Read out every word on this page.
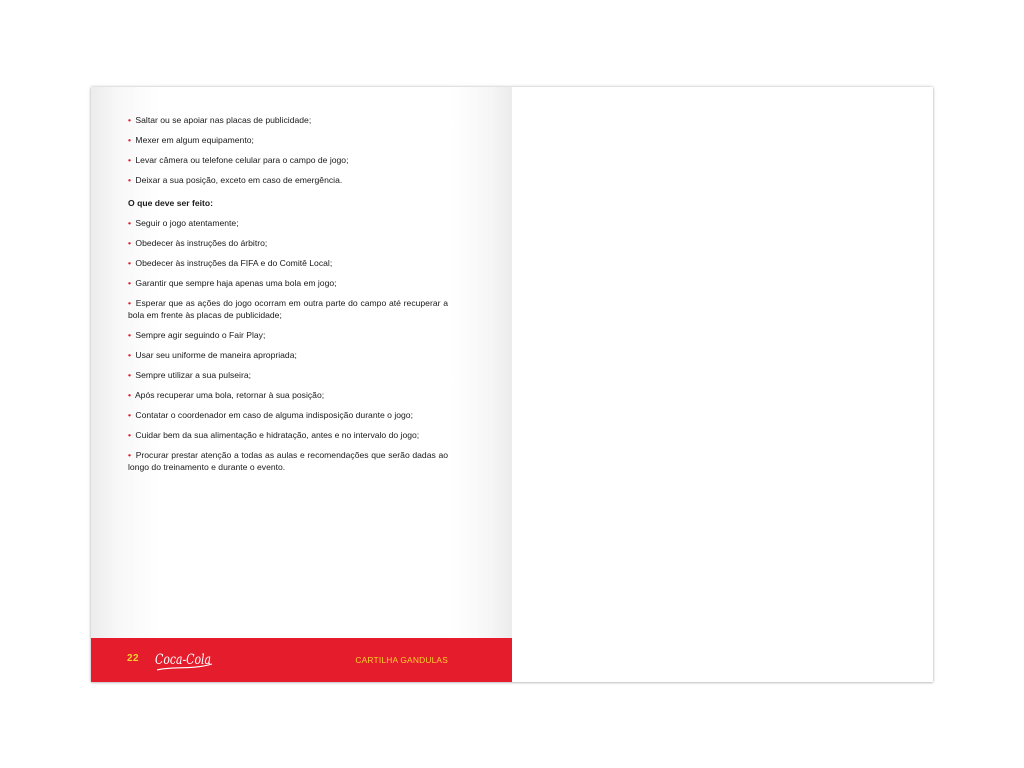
• Saltar ou se apoiar nas placas de publicidade;
• Mexer em algum equipamento;
• Levar câmera ou telefone celular para o campo de jogo;
• Deixar a sua posição, exceto em caso de emergência.
O que deve ser feito:
• Seguir o jogo atentamente;
• Obedecer às instruções do árbitro;
• Obedecer às instruções da FIFA e do Comitê Local;
• Garantir que sempre haja apenas uma bola em jogo;
• Esperar que as ações do jogo ocorram em outra parte do campo até recuperar a bola em frente às placas de publicidade;
• Sempre agir seguindo o Fair Play;
• Usar seu uniforme de maneira apropriada;
• Sempre utilizar a sua pulseira;
• Após recuperar uma bola, retornar à sua posição;
• Contatar o coordenador em caso de alguma indisposição durante o jogo;
• Cuidar bem da sua alimentação e hidratação, antes e no intervalo do jogo;
• Procurar prestar atenção a todas as aulas e recomendações que serão dadas ao longo do treinamento e durante o evento.
22 Coca-Cola	CARTILHA GANDULAS
